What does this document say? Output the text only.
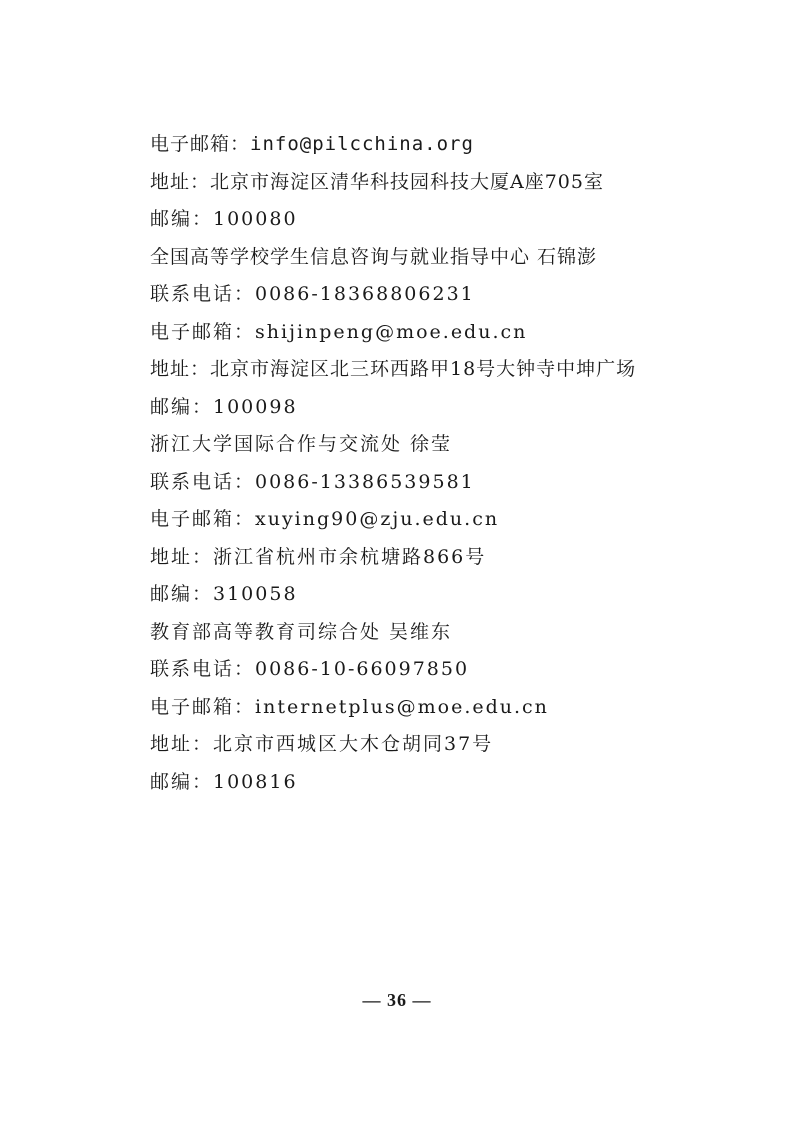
电子邮箱：info@pilcchina.org
地址：北京市海淀区清华科技园科技大厦A座705室
邮编：100080
全国高等学校学生信息咨询与就业指导中心 石锦澎
联系电话：0086-18368806231
电子邮箱：shijinpeng@moe.edu.cn
地址：北京市海淀区北三环西路甲18号大钟寺中坤广场
邮编：100098
浙江大学国际合作与交流处 徐莹
联系电话：0086-13386539581
电子邮箱：xuying90@zju.edu.cn
地址：浙江省杭州市余杭塘路866号
邮编：310058
教育部高等教育司综合处 吴维东
联系电话：0086-10-66097850
电子邮箱：internetplus@moe.edu.cn
地址：北京市西城区大木仓胡同37号
邮编：100816
— 36 —
